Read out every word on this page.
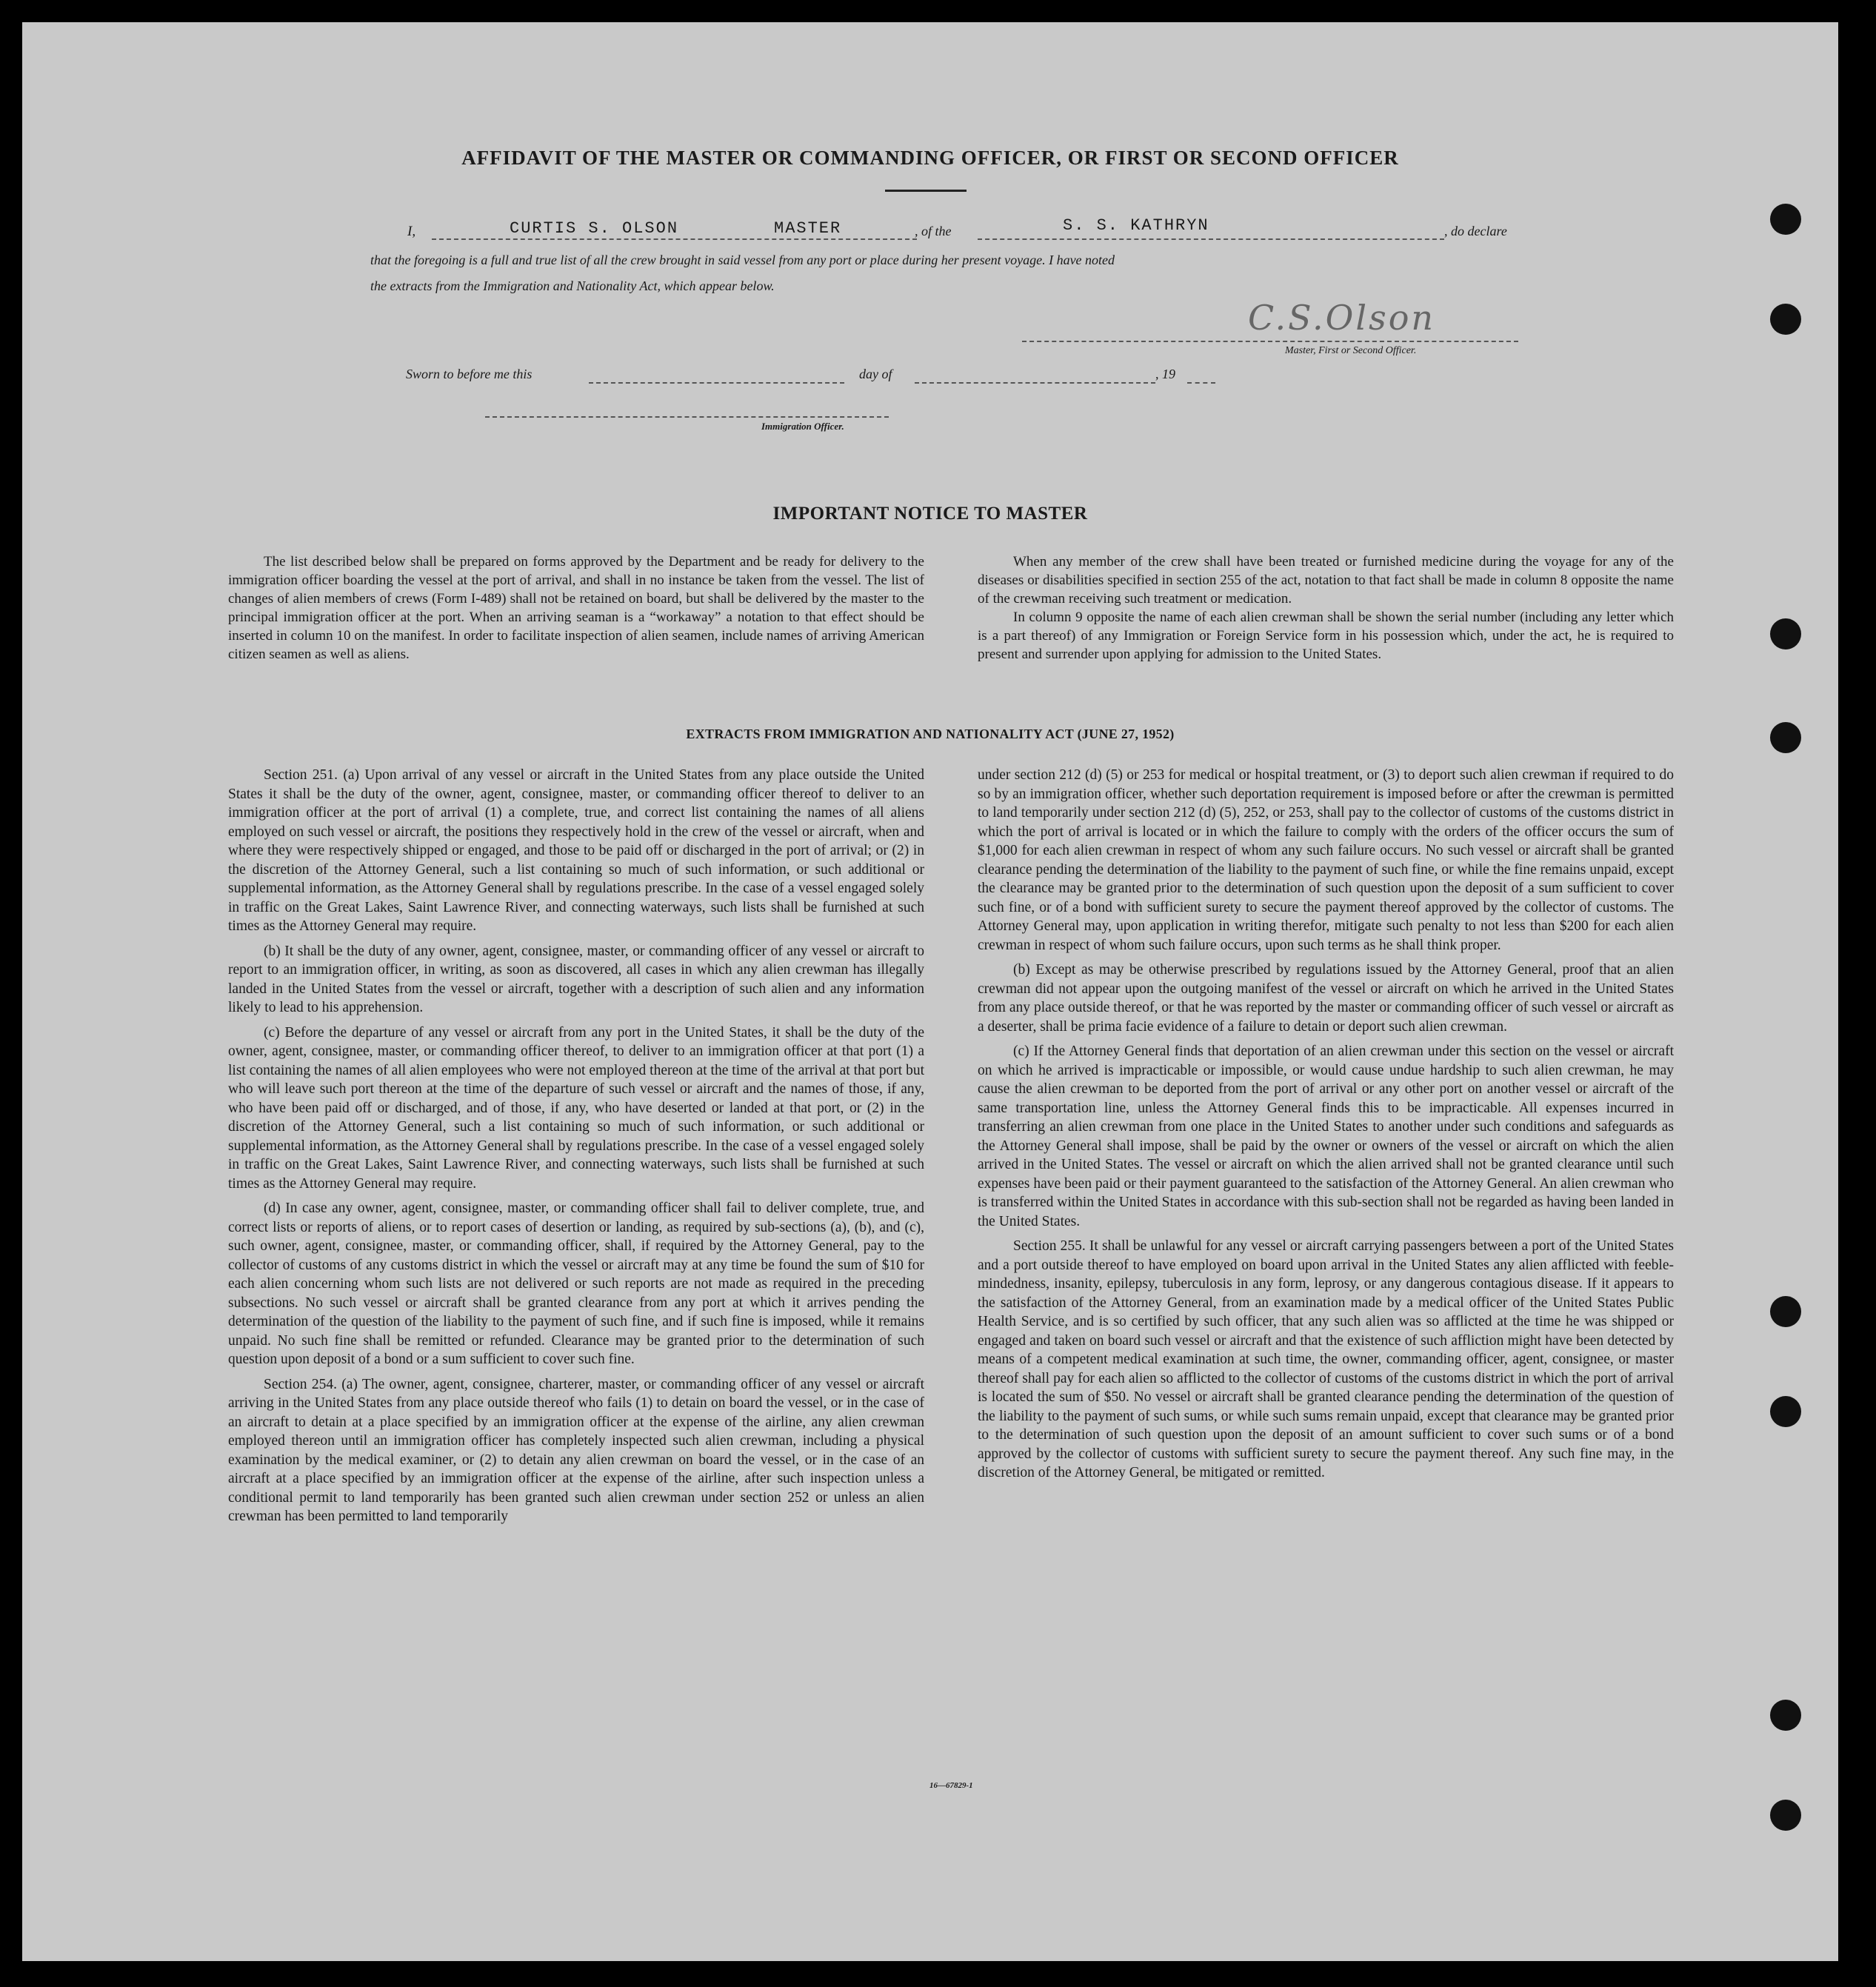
AFFIDAVIT OF THE MASTER OR COMMANDING OFFICER, OR FIRST OR SECOND OFFICER
I,	CURTIS S. OLSON	MASTER	, of the	S. S. KATHRYN	, do declare
that the foregoing is a full and true list of all the crew brought in said vessel from any port or place during her present voyage. I have noted
the extracts from the Immigration and Nationality Act, which appear below.
C.S.Olson
Master, First or Second Officer.
Sworn to before me this	day of	, 19
Immigration Officer.
IMPORTANT NOTICE TO MASTER

The list described below shall be prepared on forms approved by the Department and be ready for delivery to the immigration officer boarding the vessel at the port of arrival, and shall in no instance be taken from the vessel. The list of changes of alien members of crews (Form I-489) shall not be retained on board, but shall be delivered by the master to the principal immigration officer at the port. When an arriving seaman is a “workaway” a notation to that effect should be inserted in column 10 on the manifest. In order to facilitate inspection of alien seamen, include names of arriving American citizen seamen as well as aliens.

When any member of the crew shall have been treated or furnished medicine during the voyage for any of the diseases or disabilities specified in section 255 of the act, notation to that fact shall be made in column 8 opposite the name of the crewman receiving such treatment or medication.

In column 9 opposite the name of each alien crewman shall be shown the serial number (including any letter which is a part thereof) of any Immigration or Foreign Service form in his possession which, under the act, he is required to present and surrender upon applying for admission to the United States.

EXTRACTS FROM IMMIGRATION AND NATIONALITY ACT (JUNE 27, 1952)

Section 251. (a) Upon arrival of any vessel or aircraft in the United States from any place outside the United States it shall be the duty of the owner, agent, consignee, master, or commanding officer thereof to deliver to an immigration officer at the port of arrival (1) a complete, true, and correct list containing the names of all aliens employed on such vessel or aircraft, the positions they respectively hold in the crew of the vessel or aircraft, when and where they were respectively shipped or engaged, and those to be paid off or discharged in the port of arrival; or (2) in the discretion of the Attorney General, such a list containing so much of such information, or such additional or supplemental information, as the Attorney General shall by regulations prescribe. In the case of a vessel engaged solely in traffic on the Great Lakes, Saint Lawrence River, and connecting waterways, such lists shall be furnished at such times as the Attorney General may require.

(b) It shall be the duty of any owner, agent, consignee, master, or commanding officer of any vessel or aircraft to report to an immigration officer, in writing, as soon as discovered, all cases in which any alien crewman has illegally landed in the United States from the vessel or aircraft, together with a description of such alien and any information likely to lead to his apprehension.

(c) Before the departure of any vessel or aircraft from any port in the United States, it shall be the duty of the owner, agent, consignee, master, or commanding officer thereof, to deliver to an immigration officer at that port (1) a list containing the names of all alien employees who were not employed thereon at the time of the arrival at that port but who will leave such port thereon at the time of the departure of such vessel or aircraft and the names of those, if any, who have been paid off or discharged, and of those, if any, who have deserted or landed at that port, or (2) in the discretion of the Attorney General, such a list containing so much of such information, or such additional or supplemental information, as the Attorney General shall by regulations prescribe. In the case of a vessel engaged solely in traffic on the Great Lakes, Saint Lawrence River, and connecting waterways, such lists shall be furnished at such times as the Attorney General may require.

(d) In case any owner, agent, consignee, master, or commanding officer shall fail to deliver complete, true, and correct lists or reports of aliens, or to report cases of desertion or landing, as required by sub-sections (a), (b), and (c), such owner, agent, consignee, master, or commanding officer, shall, if required by the Attorney General, pay to the collector of customs of any customs district in which the vessel or aircraft may at any time be found the sum of $10 for each alien concerning whom such lists are not delivered or such reports are not made as required in the preceding subsections. No such vessel or aircraft shall be granted clearance from any port at which it arrives pending the determination of the question of the liability to the payment of such fine, and if such fine is imposed, while it remains unpaid. No such fine shall be remitted or refunded. Clearance may be granted prior to the determination of such question upon deposit of a bond or a sum sufficient to cover such fine.

Section 254. (a) The owner, agent, consignee, charterer, master, or commanding officer of any vessel or aircraft arriving in the United States from any place outside thereof who fails (1) to detain on board the vessel, or in the case of an aircraft to detain at a place specified by an immigration officer at the expense of the airline, any alien crewman employed thereon until an immigration officer has completely inspected such alien crewman, including a physical examination by the medical examiner, or (2) to detain any alien crewman on board the vessel, or in the case of an aircraft at a place specified by an immigration officer at the expense of the airline, after such inspection unless a conditional permit to land temporarily has been granted such alien crewman under section 252 or unless an alien crewman has been permitted to land temporarily

under section 212 (d) (5) or 253 for medical or hospital treatment, or (3) to deport such alien crewman if required to do so by an immigration officer, whether such deportation requirement is imposed before or after the crewman is permitted to land temporarily under section 212 (d) (5), 252, or 253, shall pay to the collector of customs of the customs district in which the port of arrival is located or in which the failure to comply with the orders of the officer occurs the sum of $1,000 for each alien crewman in respect of whom any such failure occurs. No such vessel or aircraft shall be granted clearance pending the determination of the liability to the payment of such fine, or while the fine remains unpaid, except the clearance may be granted prior to the determination of such question upon the deposit of a sum sufficient to cover such fine, or of a bond with sufficient surety to secure the payment thereof approved by the collector of customs. The Attorney General may, upon application in writing therefor, mitigate such penalty to not less than $200 for each alien crewman in respect of whom such failure occurs, upon such terms as he shall think proper.

(b) Except as may be otherwise prescribed by regulations issued by the Attorney General, proof that an alien crewman did not appear upon the outgoing manifest of the vessel or aircraft on which he arrived in the United States from any place outside thereof, or that he was reported by the master or commanding officer of such vessel or aircraft as a deserter, shall be prima facie evidence of a failure to detain or deport such alien crewman.

(c) If the Attorney General finds that deportation of an alien crewman under this section on the vessel or aircraft on which he arrived is impracticable or impossible, or would cause undue hardship to such alien crewman, he may cause the alien crewman to be deported from the port of arrival or any other port on another vessel or aircraft of the same transportation line, unless the Attorney General finds this to be impracticable. All expenses incurred in transferring an alien crewman from one place in the United States to another under such conditions and safeguards as the Attorney General shall impose, shall be paid by the owner or owners of the vessel or aircraft on which the alien arrived in the United States. The vessel or aircraft on which the alien arrived shall not be granted clearance until such expenses have been paid or their payment guaranteed to the satisfaction of the Attorney General. An alien crewman who is transferred within the United States in accordance with this sub-section shall not be regarded as having been landed in the United States.

Section 255. It shall be unlawful for any vessel or aircraft carrying passengers between a port of the United States and a port outside thereof to have employed on board upon arrival in the United States any alien afflicted with feeble-mindedness, insanity, epilepsy, tuberculosis in any form, leprosy, or any dangerous contagious disease. If it appears to the satisfaction of the Attorney General, from an examination made by a medical officer of the United States Public Health Service, and is so certified by such officer, that any such alien was so afflicted at the time he was shipped or engaged and taken on board such vessel or aircraft and that the existence of such affliction might have been detected by means of a competent medical examination at such time, the owner, commanding officer, agent, consignee, or master thereof shall pay for each alien so afflicted to the collector of customs of the customs district in which the port of arrival is located the sum of $50. No vessel or aircraft shall be granted clearance pending the determination of the question of the liability to the payment of such sums, or while such sums remain unpaid, except that clearance may be granted prior to the determination of such question upon the deposit of an amount sufficient to cover such sums or of a bond approved by the collector of customs with sufficient surety to secure the payment thereof. Any such fine may, in the discretion of the Attorney General, be mitigated or remitted.

16—67829-1
